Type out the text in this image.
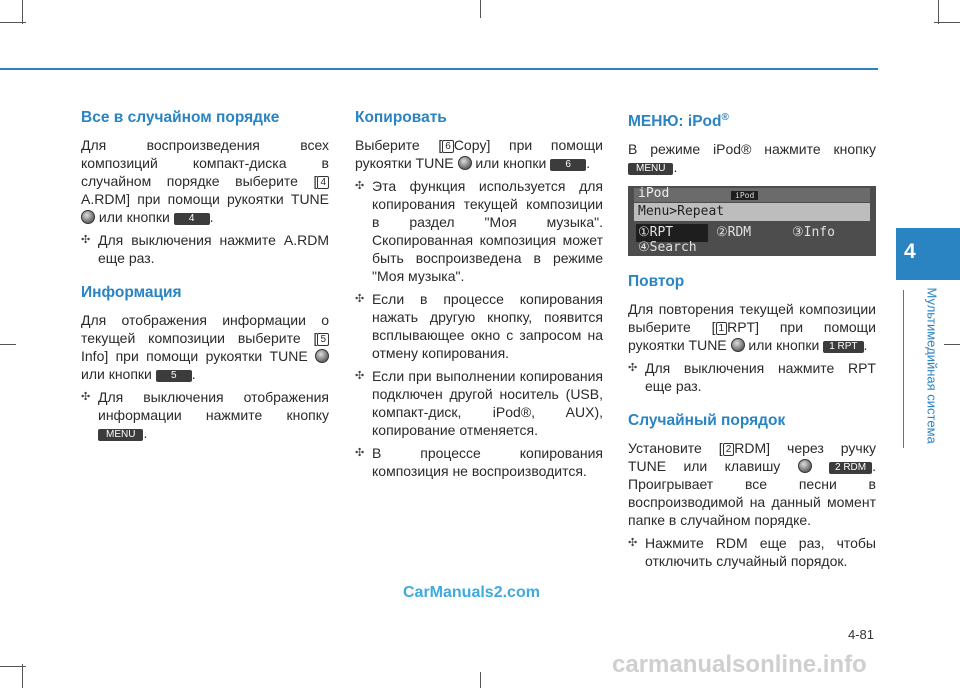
Все в случайном порядке

Для воспроизведения всех композиций компакт-диска в случайном порядке выберите [ 4 A.RDM] при помощи рукоятки TUNE  или кнопки 4 .

✣ Для выключения нажмите A.RDM еще раз.
Информация

Для отображения информации о текущей композиции выберите [ 5 Info] при помощи рукоятки TUNE  или кнопки 5 .

✣ Для выключения отображения информации нажмите кнопку MENU .
Копировать

Выберите [ 6 Copy] при помощи рукоятки TUNE или кнопки 6 .

✣ Эта функция используется для копирования текущей композиции в раздел "Моя музыка". Скопированная композиция может быть воспроизведена в режиме "Моя музыка".
✣ Если в процессе копирования нажать другую кнопку, появится всплывающее окно с запросом на отмену копирования.
✣ Если при выполнении копирования подключен другой носитель (USB, компакт-диск, iPod®, AUX), копирование отменяется.
✣ В процессе копирования композиция не воспроизводится.
МЕНЮ: iPod®

В режиме iPod® нажмите кнопку MENU .

iPod	iPod
Menu>Repeat
①RPT	②RDM	③Info
④Search
Повтор

Для повторения текущей композиции выберите [ 1 RPT] при помощи рукоятки TUNE или кнопки 1 RPT .

✣ Для выключения нажмите RPT еще раз.
Случайный порядок

Установите [ 2 RDM] через ручку TUNE или клавишу	2 RDM . Проигрывает все песни в воспроизводимой на данный момент папке в случайном порядке.

✣ Нажмите RDM еще раз, чтобы отключить случайный порядок.
4
Мультимедийная система
4-81
CarManuals2.com
carmanualsonline.info
